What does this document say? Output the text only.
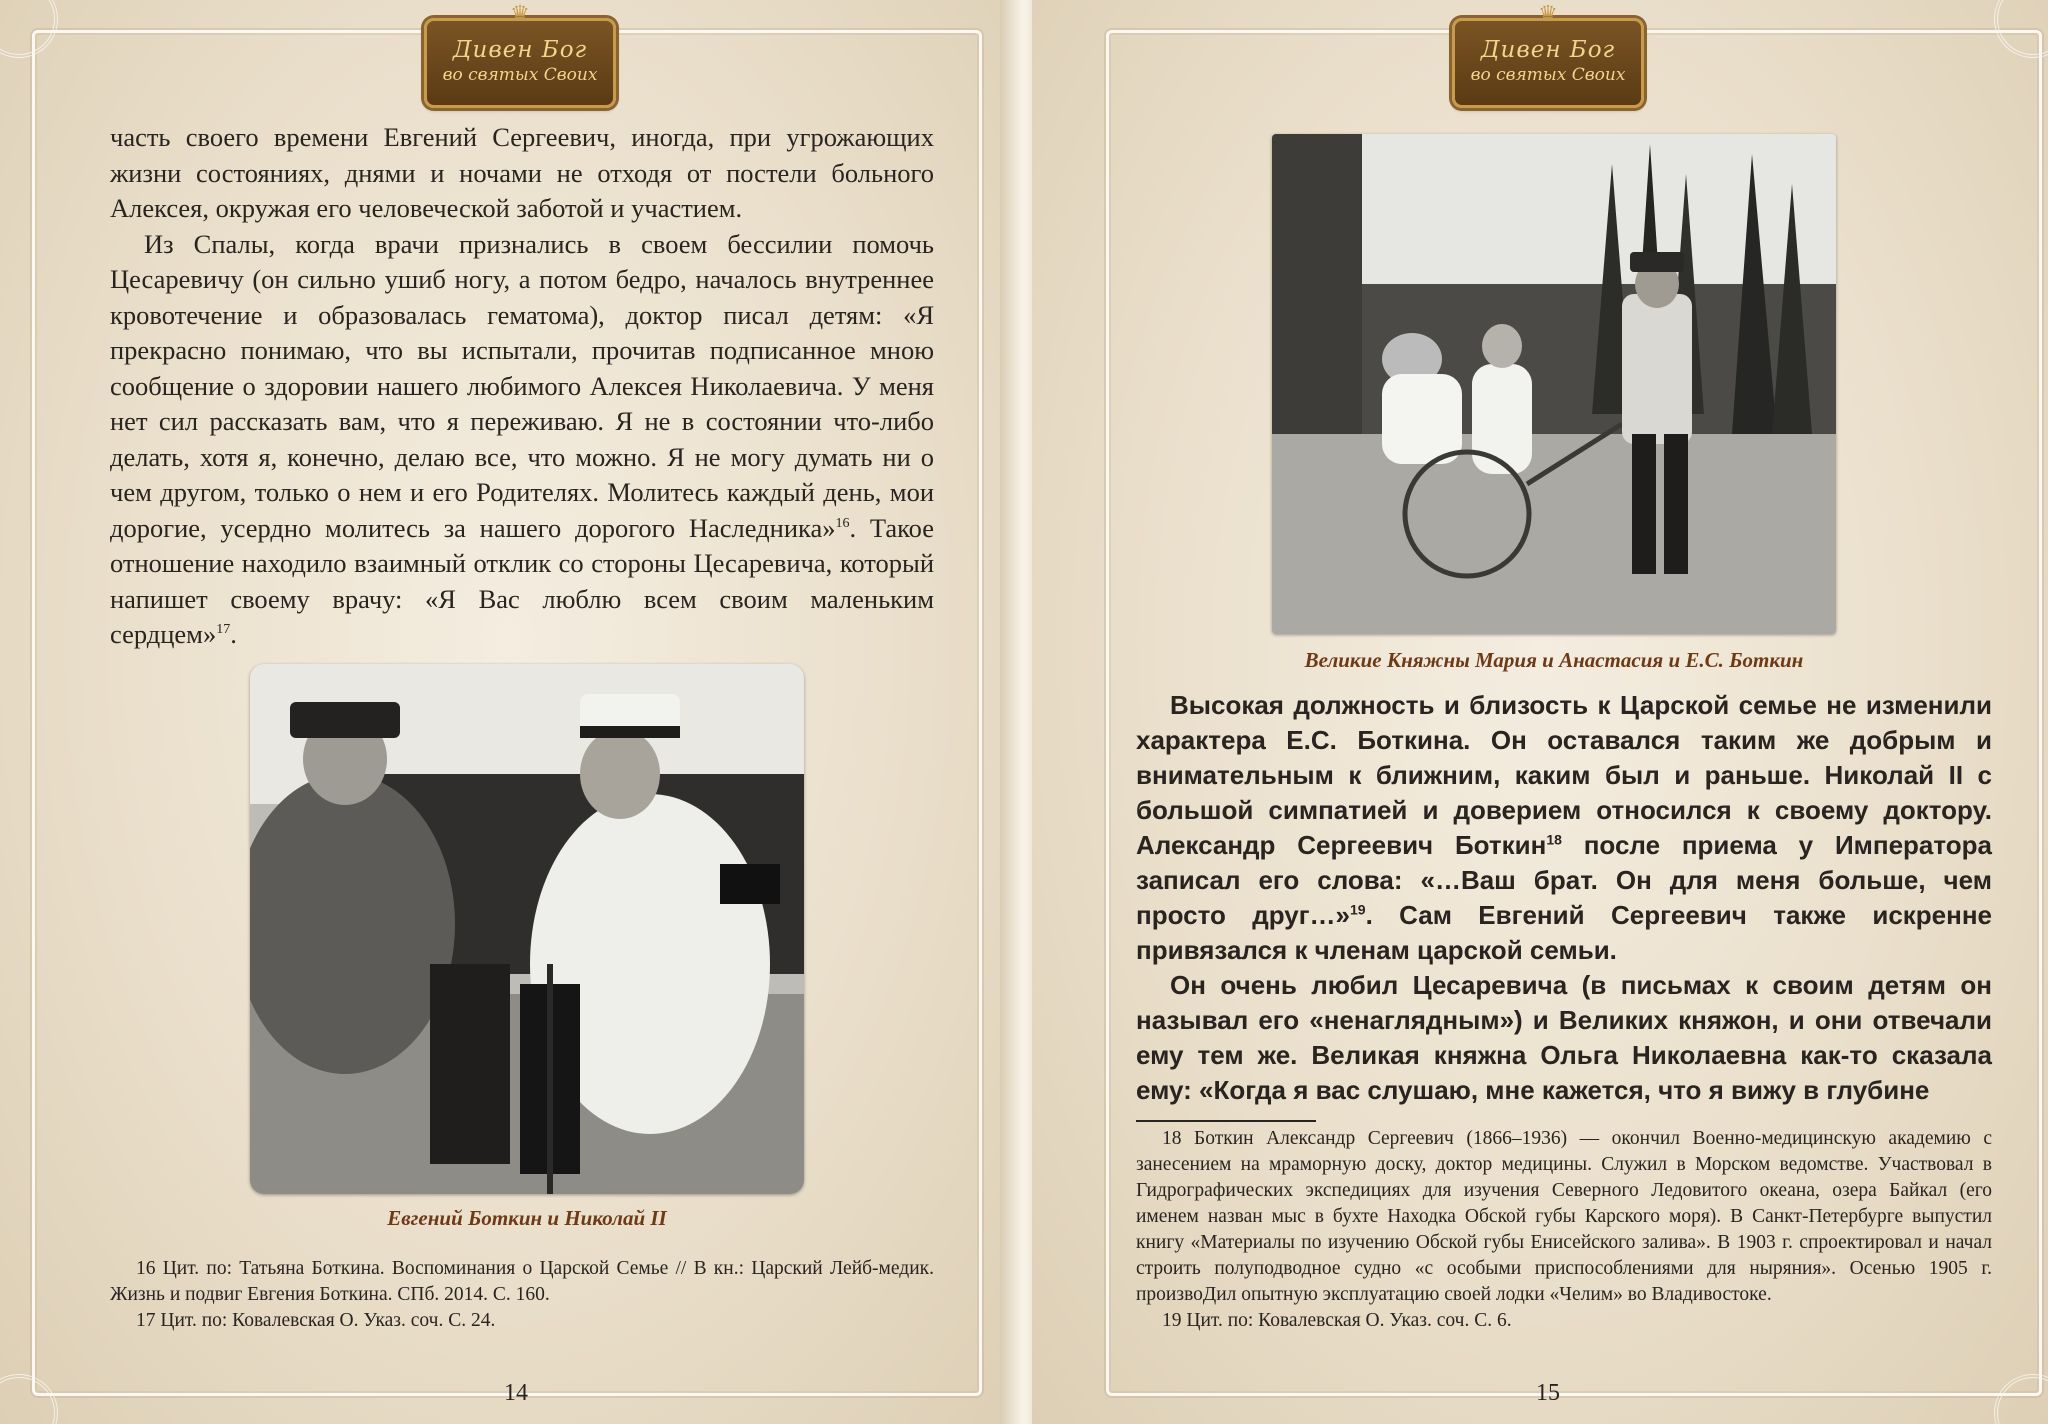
♛
Дивен Бог
во святых Своих

часть своего времени Евгений Сергеевич, иногда, при угрожающих жизни состояниях, днями и ночами не отходя от постели больного Алексея, окружая его человеческой заботой и участием.

Из Спалы, когда врачи признались в своем бессилии помочь Цесаревичу (он сильно ушиб ногу, а потом бедро, началось внутреннее кровотечение и образовалась гематома), доктор писал детям: «Я прекрасно понимаю, что вы испытали, прочитав подписанное мною сообщение о здоровии нашего любимого Алексея Николаевича. У меня нет сил рассказать вам, что я переживаю. Я не в состоянии что-либо делать, хотя я, конечно, делаю все, что можно. Я не могу думать ни о чем другом, только о нем и его Родителях. Молитесь каждый день, мои дорогие, усердно молитесь за нашего дорогого Наследника»$^{16}$. Такое отношение находило взаимный отклик со стороны Цесаревича, который напишет своему врачу: «Я Вас люблю всем своим маленьким сердцем»$^{17}$.

Евгений Боткин и Николай II

16 Цит. по: Татьяна Боткина. Воспоминания о Царской Семье // В кн.: Царский Лейб-медик. Жизнь и подвиг Евгения Боткина. СПб. 2014. С. 160.

17 Цит. по: Ковалевская О. Указ. соч. С. 24.

14
♛
Дивен Бог
во святых Своих
Великие Княжны Мария и Анастасия и Е.С. Боткин

Высокая должность и близость к Царской семье не изменили характера Е.С. Боткина. Он оставался таким же добрым и внимательным к ближним, каким был и раньше. Николай II с большой симпатией и доверием относился к своему доктору. Александр Сергеевич Боткин$^{18}$ после приема у Императора записал его слова: «…Ваш брат. Он для меня больше, чем просто друг…»$^{19}$. Сам Евгений Сергеевич также искренне привязался к членам царской семьи.

Он очень любил Цесаревича (в письмах к своим детям он называл его «ненаглядным») и Великих княжон, и они отвечали ему тем же. Великая княжна Ольга Николаевна как-то сказала ему: «Когда я вас слушаю, мне кажется, что я вижу в глубине

18 Боткин Александр Сергеевич (1866–1936) — окончил Военно-медицинскую академию с занесением на мраморную доску, доктор медицины. Служил в Морском ведомстве. Участвовал в Гидрографических экспедициях для изучения Северного Ледовитого океана, озера Байкал (его именем назван мыс в бухте Находка Обской губы Карского моря). В Санкт-Петербурге выпустил книгу «Материалы по изучению Обской губы Енисейского залива». В 1903 г. спроектировал и начал строить полуподводное судно «с особыми приспособлениями для ныряния». Осенью 1905 г. произвоДил опытную эксплуатацию своей лодки «Челим» во Владивостоке.

19 Цит. по: Ковалевская О. Указ. соч. С. 6.

15
